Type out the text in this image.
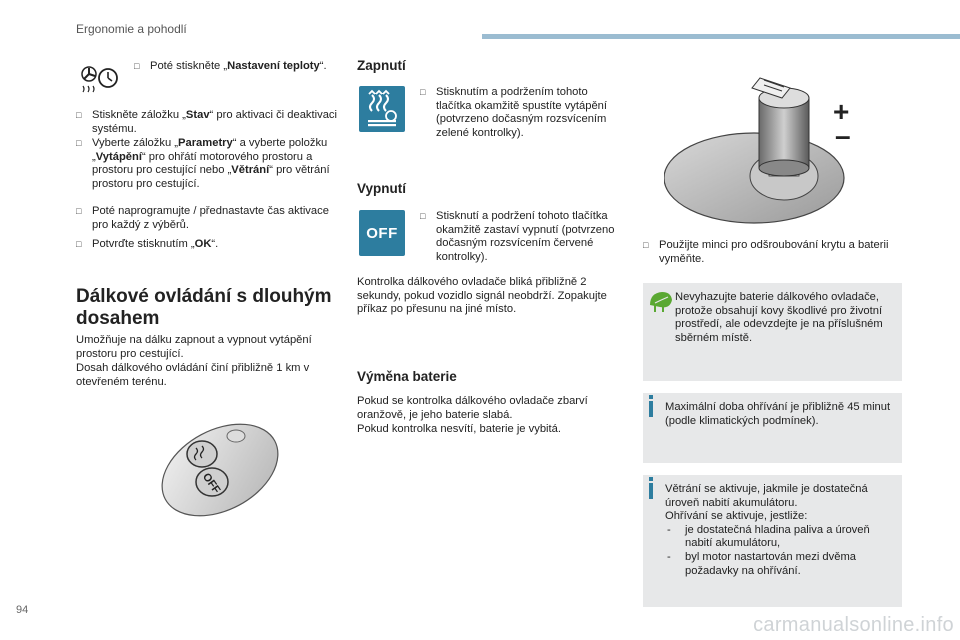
Ergonomie a pohodlí
□ Poté stiskněte „Nastavení teploty“.
□ Stiskněte záložku „Stav“ pro aktivaci či deaktivaci systému.
□ Vyberte záložku „Parametry“ a vyberte položku „Vytápění“ pro ohřátí motorového prostoru a prostoru pro cestující nebo „Větrání“ pro větrání prostoru pro cestující.
□ Poté naprogramujte / přednastavte čas aktivace pro každý z výběrů.
□ Potvrďte stisknutím „OK“.
Dálkové ovládání s dlouhým dosahem
Umožňuje na dálku zapnout a vypnout vytápění prostoru pro cestující.
Dosah dálkového ovládání činí přibližně 1 km v otevřeném terénu.
OFF
Zapnutí
□ Stisknutím a podržením tohoto tlačítka okamžitě spustíte vytápění (potvrzeno dočasným rozsvícením zelené kontrolky).
Vypnutí
OFF
□ Stisknutí a podržení tohoto tlačítka okamžitě zastaví vypnutí (potvrzeno dočasným rozsvícením červené kontrolky).
Kontrolka dálkového ovladače bliká přibližně 2 sekundy, pokud vozidlo signál neobdrží. Zopakujte příkaz po přesunu na jiné místo.
Výměna baterie
Pokud se kontrolka dálkového ovladače zbarví oranžově, je jeho baterie slabá.
Pokud kontrolka nesvítí, baterie je vybitá.
+
–
□ Použijte minci pro odšroubování krytu a baterii vyměňte.
Nevyhazujte baterie dálkového ovladače, protože obsahují kovy škodlivé pro životní prostředí, ale odevzdejte je na příslušném sběrném místě.
Maximální doba ohřívání je přibližně 45 minut (podle klimatických podmínek).
Větrání se aktivuje, jakmile je dostatečná úroveň nabití akumulátoru.
Ohřívání se aktivuje, jestliže:
- je dostatečná hladina paliva a úroveň nabití akumulátoru,
- byl motor nastartován mezi dvěma požadavky na ohřívání.
94
carmanualsonline.info
